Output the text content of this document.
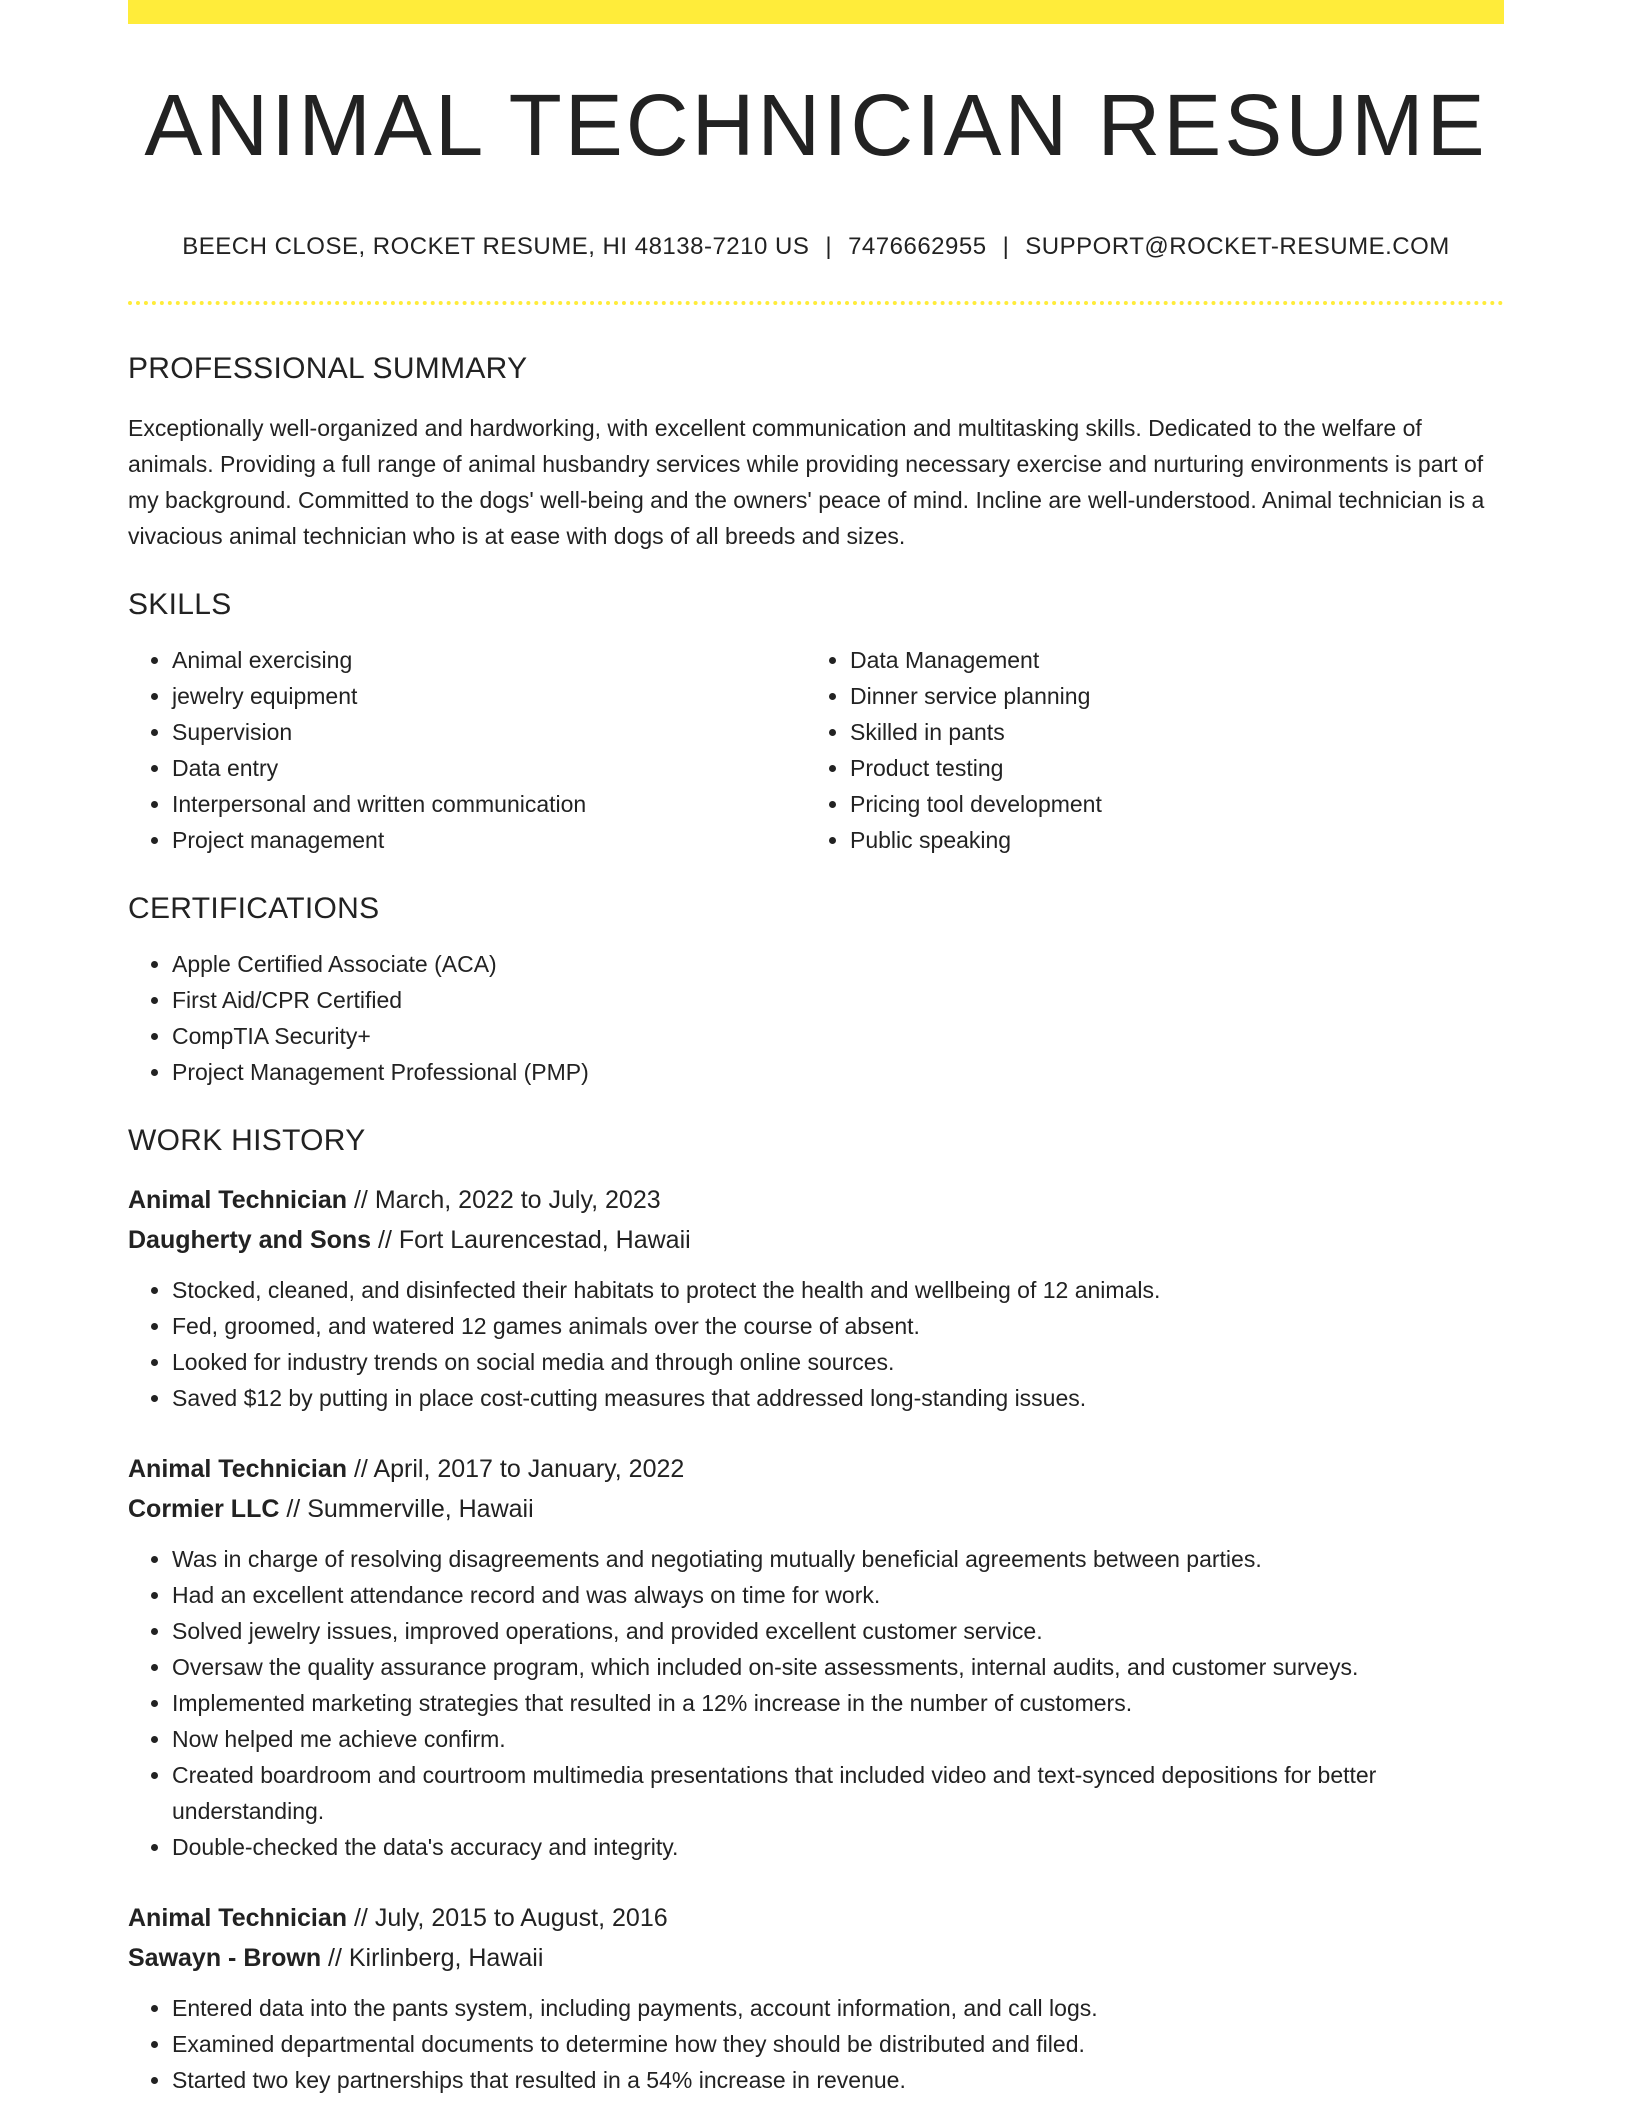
ANIMAL TECHNICIAN RESUME
BEECH CLOSE, ROCKET RESUME, HI 48138-7210 US | 7476662955 | SUPPORT@ROCKET-RESUME.COM
PROFESSIONAL SUMMARY
Exceptionally well-organized and hardworking, with excellent communication and multitasking skills. Dedicated to the welfare of animals. Providing a full range of animal husbandry services while providing necessary exercise and nurturing environments is part of my background. Committed to the dogs' well-being and the owners' peace of mind. Incline are well-understood. Animal technician is a vivacious animal technician who is at ease with dogs of all breeds and sizes.
SKILLS
• Animal exercising
• jewelry equipment
• Supervision
• Data entry
• Interpersonal and written communication
• Project management
• Data Management
• Dinner service planning
• Skilled in pants
• Product testing
• Pricing tool development
• Public speaking
CERTIFICATIONS
• Apple Certified Associate (ACA)
• First Aid/CPR Certified
• CompTIA Security+
• Project Management Professional (PMP)
WORK HISTORY
Animal Technician // March, 2022 to July, 2023
Daugherty and Sons // Fort Laurencestad, Hawaii
• Stocked, cleaned, and disinfected their habitats to protect the health and wellbeing of 12 animals.
• Fed, groomed, and watered 12 games animals over the course of absent.
• Looked for industry trends on social media and through online sources.
• Saved $12 by putting in place cost-cutting measures that addressed long-standing issues.
Animal Technician // April, 2017 to January, 2022
Cormier LLC // Summerville, Hawaii
• Was in charge of resolving disagreements and negotiating mutually beneficial agreements between parties.
• Had an excellent attendance record and was always on time for work.
• Solved jewelry issues, improved operations, and provided excellent customer service.
• Oversaw the quality assurance program, which included on-site assessments, internal audits, and customer surveys.
• Implemented marketing strategies that resulted in a 12% increase in the number of customers.
• Now helped me achieve confirm.
• Created boardroom and courtroom multimedia presentations that included video and text-synced depositions for better understanding.
• Double-checked the data's accuracy and integrity.
Animal Technician // July, 2015 to August, 2016
Sawayn - Brown // Kirlinberg, Hawaii
• Entered data into the pants system, including payments, account information, and call logs.
• Examined departmental documents to determine how they should be distributed and filed.
• Started two key partnerships that resulted in a 54% increase in revenue.
